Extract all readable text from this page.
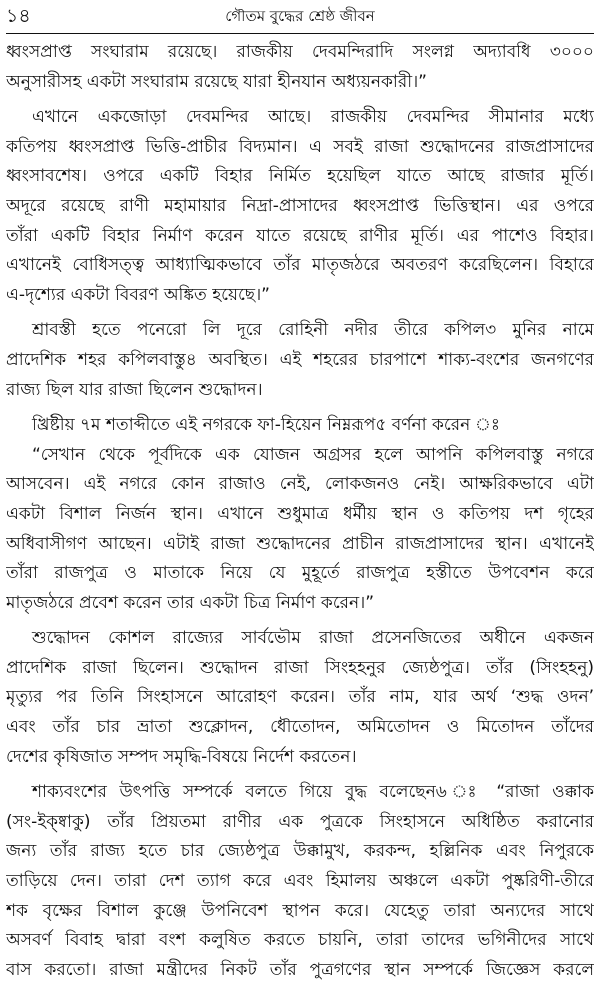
১৪	গৌতম বুদ্ধের শ্রেষ্ঠ জীবন
ধ্বংসপ্রাপ্ত সংঘারাম রয়েছে। রাজকীয় দেবমন্দিরাদি সংলগ্ন অদ্যাবধি ৩০০০
অনুসারীসহ একটা সংঘারাম রয়েছে যারা হীনযান অধ্যয়নকারী।”
এখানে একজোড়া দেবমন্দির আছে। রাজকীয় দেবমন্দির সীমানার মধ্যে
কতিপয় ধ্বংসপ্রাপ্ত ভিত্তি-প্রাচীর বিদ্যমান। এ সবই রাজা শুদ্ধোদনের রাজপ্রাসাদের
ধ্বংসাবশেষ। ওপরে একটি বিহার নির্মিত হয়েছিল যাতে আছে রাজার মূর্তি।
অদূরে রয়েছে রাণী মহামায়ার নিদ্রা-প্রাসাদের ধ্বংসপ্রাপ্ত ভিত্তিস্থান। এর ওপরে
তাঁরা একটি বিহার নির্মাণ করেন যাতে রয়েছে রাণীর মূর্তি। এর পাশেও বিহার।
এখানেই বোধিসত্ত্ব আধ্যাত্মিকভাবে তাঁর মাতৃজঠরে অবতরণ করেছিলেন। বিহারে
এ-দৃশ্যের একটা বিবরণ অঙ্কিত হয়েছে।”
শ্রাবস্তী হতে পনেরো লি দূরে রোহিনী নদীর তীরে কপিল৩ মুনির নামে
প্রাদেশিক শহর কপিলবাস্তু৪ অবস্থিত। এই শহরের চারপাশে শাক্য-বংশের জনগণের
রাজ্য ছিল যার রাজা ছিলেন শুদ্ধোদন।
খ্রিষ্টীয় ৭ম শতাব্দীতে এই নগরকে ফা-হিয়েন নিম্নরূপ৫ বর্ণনা করেন ঃ
“সেখান থেকে পূর্বদিকে এক যোজন অগ্রসর হলে আপনি কপিলবাস্তু নগরে
আসবেন। এই নগরে কোন রাজাও নেই, লোকজনও নেই। আক্ষরিকভাবে এটা
একটা বিশাল নির্জন স্থান। এখানে শুধুমাত্র ধর্মীয় স্থান ও কতিপয় দশ গৃহের
অধিবাসীগণ আছেন। এটাই রাজা শুদ্ধোদনের প্রাচীন রাজপ্রাসাদের স্থান। এখানেই
তাঁরা রাজপুত্র ও মাতাকে নিয়ে যে মুহূর্তে রাজপুত্র হস্তীতে উপবেশন করে
মাতৃজঠরে প্রবেশ করেন তার একটা চিত্র নির্মাণ করেন।”
শুদ্ধোদন কোশল রাজ্যের সার্বভৌম রাজা প্রসেনজিতের অধীনে একজন
প্রাদেশিক রাজা ছিলেন। শুদ্ধোদন রাজা সিংহহনুর জ্যেষ্ঠপুত্র। তাঁর (সিংহহনু)
মৃত্যুর পর তিনি সিংহাসনে আরোহণ করেন। তাঁর নাম, যার অর্থ ‘শুদ্ধ ওদন’
এবং তাঁর চার ভ্রাতা শুক্লোদন, ধৌতোদন, অমিতোদন ও মিতোদন তাঁদের
দেশের কৃষিজাত সম্পদ সমৃদ্ধি-বিষয়ে নির্দেশ করতেন।
শাক্যবংশের উৎপত্তি সম্পর্কে বলতে গিয়ে বুদ্ধ বলেছেন৬ ঃ “রাজা ওক্কাক
(সং-ইক্ষ্বাকু) তাঁর প্রিয়তমা রাণীর এক পুত্রকে সিংহাসনে অধিষ্ঠিত করানোর
জন্য তাঁর রাজ্য হতে চার জ্যেষ্ঠপুত্র উক্কামুখ, করকন্দ, হল্লিনিক এবং নিপুরকে
তাড়িয়ে দেন। তারা দেশ ত্যাগ করে এবং হিমালয় অঞ্চলে একটা পুষ্করিণী-তীরে
শক বৃক্ষের বিশাল কুঞ্জে উপনিবেশ স্থাপন করে। যেহেতু তারা অন্যদের সাথে
অসবর্ণ বিবাহ দ্বারা বংশ কলুষিত করতে চায়নি, তারা তাদের ভগিনীদের সাথে
বাস করতো। রাজা মন্ত্রীদের নিকট তাঁর পুত্রগণের স্থান সম্পর্কে জিজ্ঞেস করলে
